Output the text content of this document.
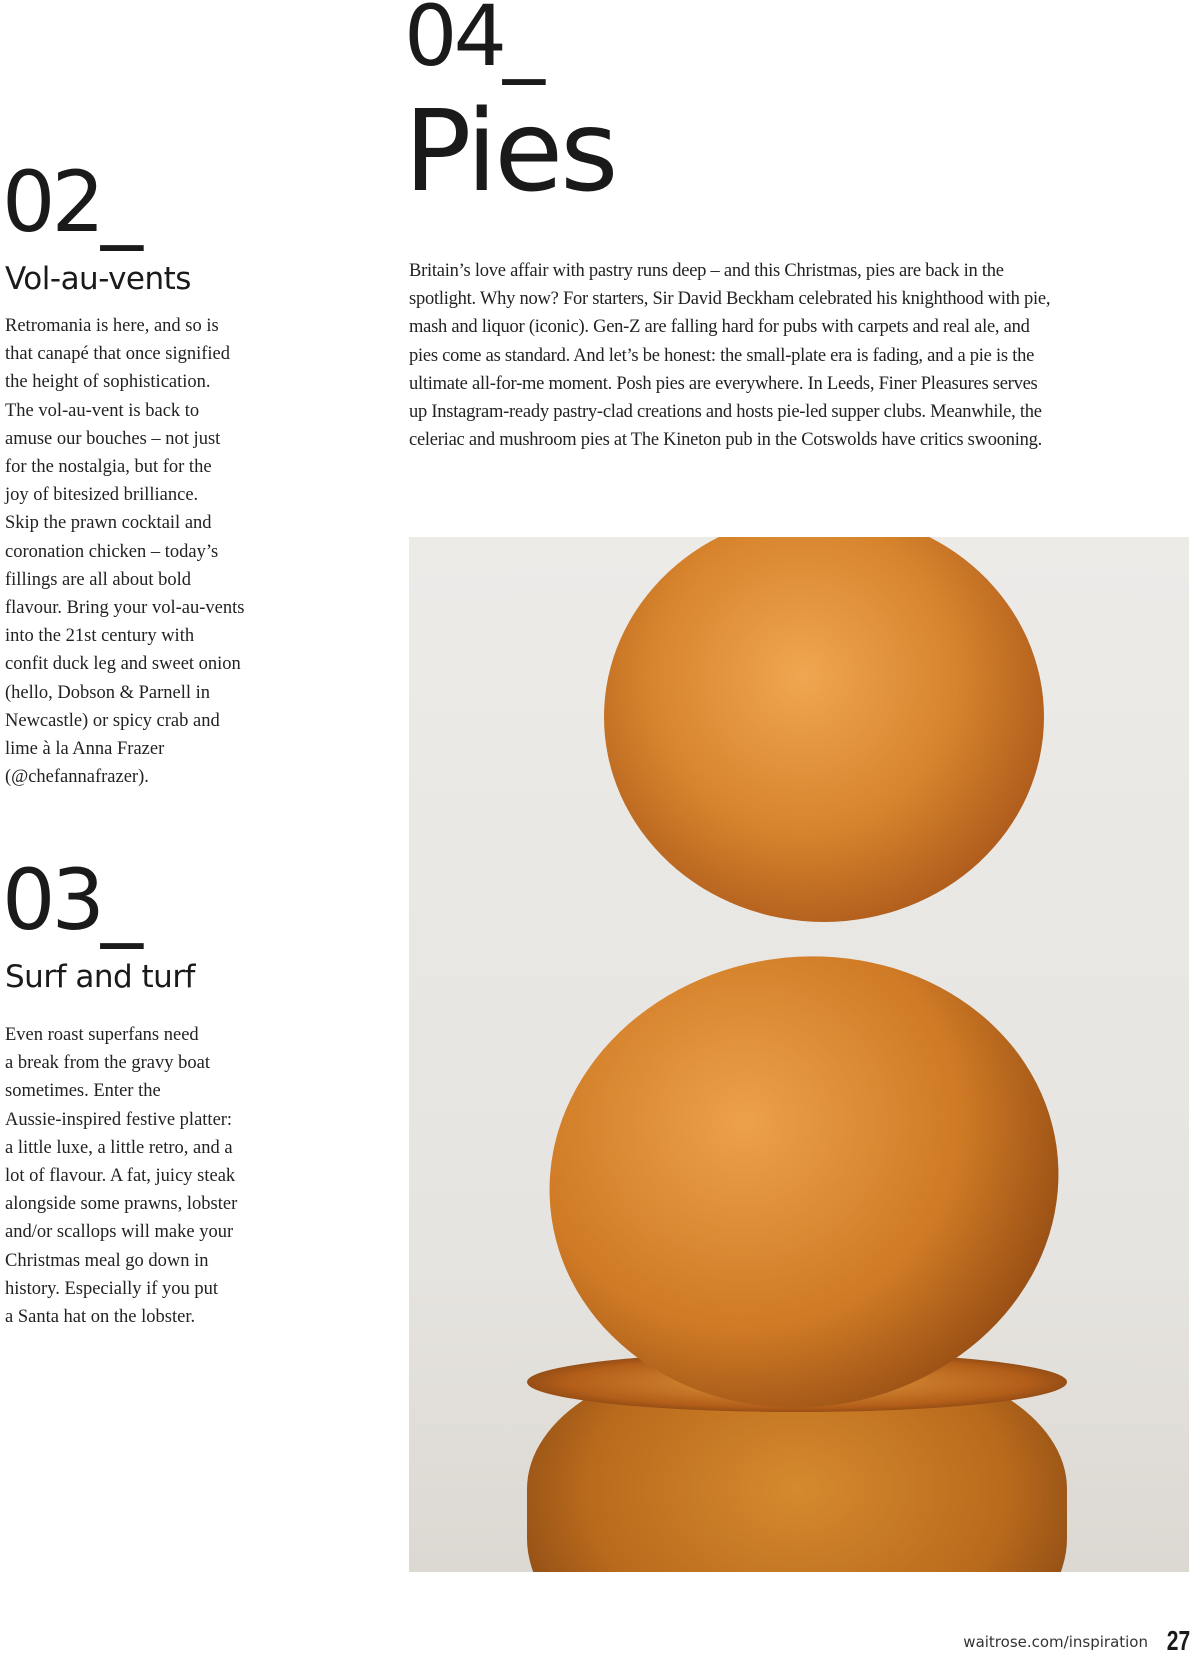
04_
Pies
02_
Vol-au-vents
Retromania is here, and so is
that canapé that once signified
the height of sophistication.
The vol-au-vent is back to
amuse our bouches – not just
for the nostalgia, but for the
joy of bitesized brilliance.
Skip the prawn cocktail and
coronation chicken – today’s
fillings are all about bold
flavour. Bring your vol-au-vents
into the 21st century with
confit duck leg and sweet onion
(hello, Dobson & Parnell in
Newcastle) or spicy crab and
lime à la Anna Frazer
(@chefannafrazer).
03_
Surf and turf
Even roast superfans need
a break from the gravy boat
sometimes. Enter the
Aussie-inspired festive platter:
a little luxe, a little retro, and a
lot of flavour. A fat, juicy steak
alongside some prawns, lobster
and/or scallops will make your
Christmas meal go down in
history. Especially if you put
a Santa hat on the lobster.
Britain’s love affair with pastry runs deep – and this Christmas, pies are back in the
spotlight. Why now? For starters, Sir David Beckham celebrated his knighthood with pie,
mash and liquor (iconic). Gen-Z are falling hard for pubs with carpets and real ale, and
pies come as standard. And let’s be honest: the small-plate era is fading, and a pie is the
ultimate all-for-me moment. Posh pies are everywhere. In Leeds, Finer Pleasures serves
up Instagram-ready pastry-clad creations and hosts pie-led supper clubs. Meanwhile, the
celeriac and mushroom pies at The Kineton pub in the Cotswolds have critics swooning.
waitrose.com/inspiration 27
